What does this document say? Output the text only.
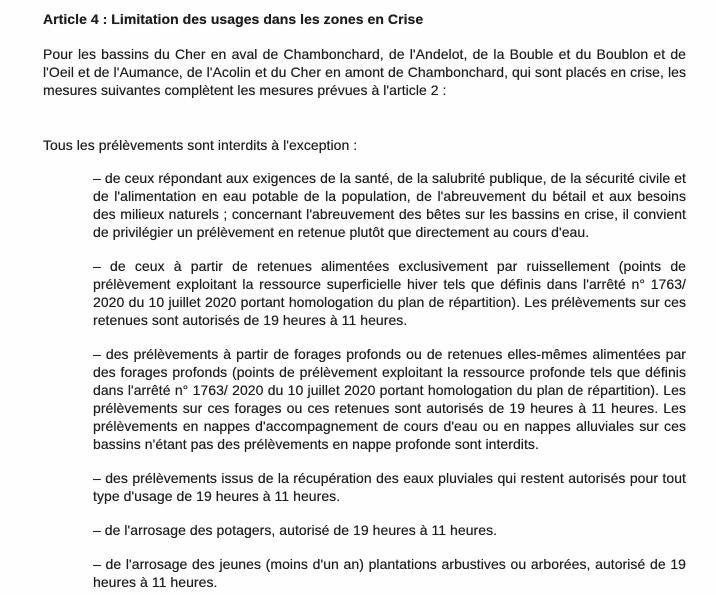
Article 4 : Limitation des usages dans les zones en Crise

Pour les bassins du Cher en aval de Chambonchard, de l'Andelot, de la Bouble et du Boublon et de l'Oeil et de l'Aumance, de l'Acolin et du Cher en amont de Chambonchard, qui sont placés en crise, les mesures suivantes complètent les mesures prévues à l'article 2 :

Tous les prélèvements sont interdits à l'exception :

– de ceux répondant aux exigences de la santé, de la salubrité publique, de la sécurité civile et de l'alimentation en eau potable de la population, de l'abreuvement du bétail et aux besoins des milieux naturels ; concernant l'abreuvement des bêtes sur les bassins en crise, il convient de privilégier un prélèvement en retenue plutôt que directement au cours d'eau.

– de ceux à partir de retenues alimentées exclusivement par ruissellement (points de prélèvement exploitant la ressource superficielle hiver tels que définis dans l'arrêté n° 1763/ 2020 du 10 juillet 2020 portant homologation du plan de répartition). Les prélèvements sur ces retenues sont autorisés de 19 heures à 11 heures.

– des prélèvements à partir de forages profonds ou de retenues elles-mêmes alimentées par des forages profonds (points de prélèvement exploitant la ressource profonde tels que définis dans l'arrêté n° 1763/ 2020 du 10 juillet 2020 portant homologation du plan de répartition). Les prélèvements sur ces forages ou ces retenues sont autorisés de 19 heures à 11 heures. Les prélèvements en nappes d'accompagnement de cours d'eau ou en nappes alluviales sur ces bassins n'étant pas des prélèvements en nappe profonde sont interdits.

– des prélèvements issus de la récupération des eaux pluviales qui restent autorisés pour tout type d'usage de 19 heures à 11 heures.

– de l'arrosage des potagers, autorisé de 19 heures à 11 heures.

– de l'arrosage des jeunes (moins d'un an) plantations arbustives ou arborées, autorisé de 19 heures à 11 heures.
